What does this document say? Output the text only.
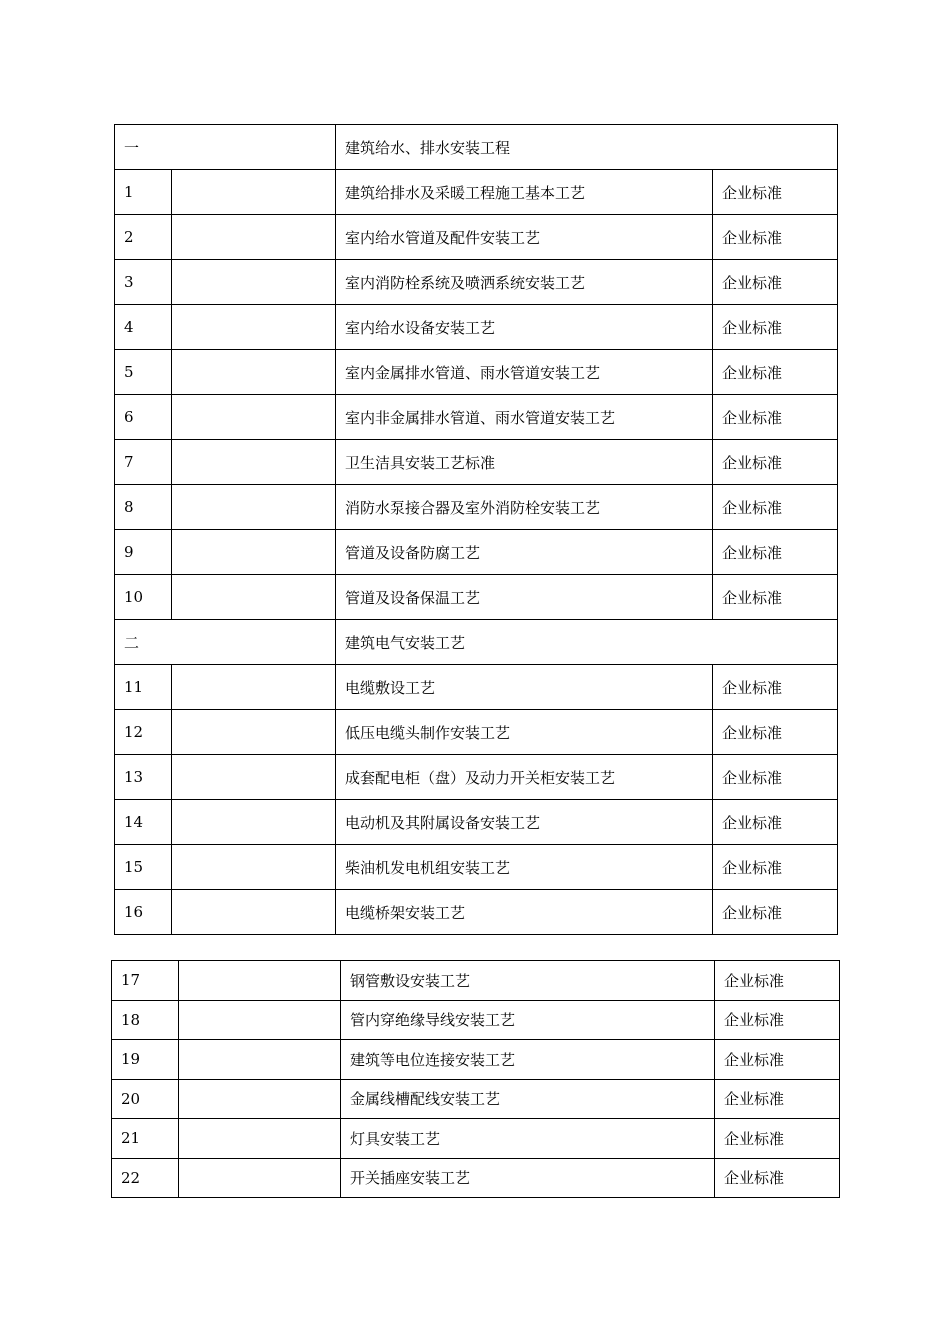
一		建筑给水、排水安装工程	
1		建筑给排水及采暖工程施工基本工艺	企业标准
2		室内给水管道及配件安装工艺	企业标准
3		室内消防栓系统及喷洒系统安装工艺	企业标准
4		室内给水设备安装工艺	企业标准
5		室内金属排水管道、雨水管道安装工艺	企业标准
6		室内非金属排水管道、雨水管道安装工艺	企业标准
7		卫生洁具安装工艺标准	企业标准
8		消防水泵接合器及室外消防栓安装工艺	企业标准
9		管道及设备防腐工艺	企业标准
10		管道及设备保温工艺	企业标准
二		建筑电气安装工艺	
11		电缆敷设工艺	企业标准
12		低压电缆头制作安装工艺	企业标准
13		成套配电柜（盘）及动力开关柜安装工艺	企业标准
14		电动机及其附属设备安装工艺	企业标准
15		柴油机发电机组安装工艺	企业标准
16		电缆桥架安装工艺	企业标准
17		钢管敷设安装工艺	企业标准
18		管内穿绝缘导线安装工艺	企业标准
19		建筑等电位连接安装工艺	企业标准
20		金属线槽配线安装工艺	企业标准
21		灯具安装工艺	企业标准
22		开关插座安装工艺	企业标准
